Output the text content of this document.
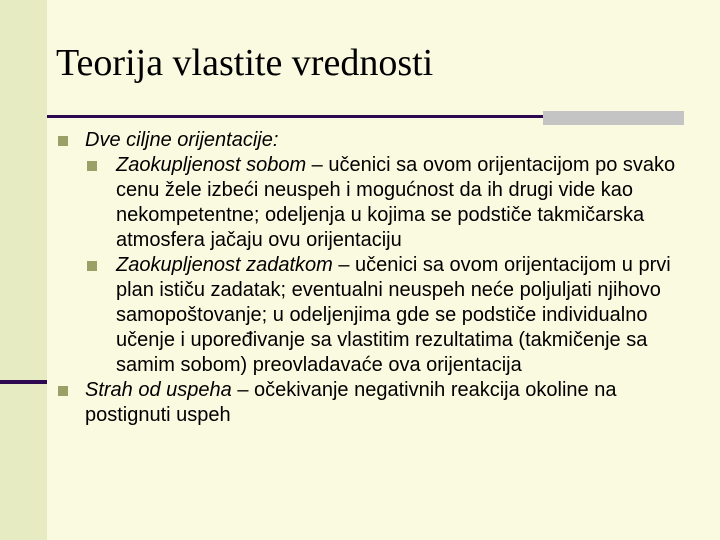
Teorija vlastite vrednosti

Dve ciljne orijentacije:

Zaokupljenost sobom – učenici sa ovom orijentacijom po svako cenu žele izbeći neuspeh i mogućnost da ih drugi vide kao nekompetentne; odeljenja u kojima se podstiče takmičarska atmosfera jačaju ovu orijentaciju

Zaokupljenost zadatkom – učenici sa ovom orijentacijom u prvi plan ističu zadatak; eventualni neuspeh neće poljuljati njihovo samopoštovanje; u odeljenjima gde se podstiče individualno učenje i upoređivanje sa vlastitim rezultatima (takmičenje sa samim sobom) preovladavaće ova orijentacija

Strah od uspeha – očekivanje negativnih reakcija okoline na postignuti uspeh
